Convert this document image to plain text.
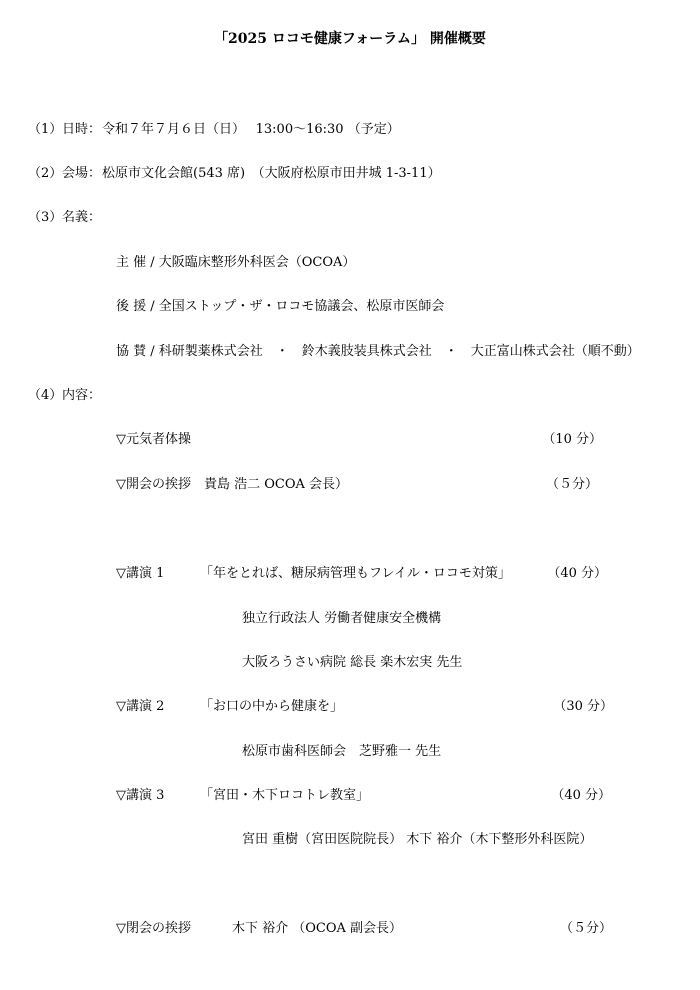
「2025 ロコモ健康フォーラム」 開催概要
（1） 日時： 令和７年７月６日（日）　 13:00～16:30 （予定）
（2） 会場： 松原市文化会館(543 席)　（大阪府松原市田井城 1-3-11）
（3） 名義：
主 催 / 大阪臨床整形外科医会（OCOA）
後 援 / 全国ストップ・ザ・ロコモ協議会、松原市医師会
協 賛 / 科研製薬株式会社　・　鈴木義肢装具株式会社　・　大正富山株式会社（順不動）
（4） 内容：
▽元気者体操	（10 分）
▽開会の挨拶　貴島 浩二 OCOA 会長）	（５分）
▽講演 1	「年をとれば、糖尿病管理もフレイル・ロコモ対策」	（40 分）
独立行政法人 労働者健康安全機構
大阪ろうさい病院 総長 楽木宏実 先生
▽講演 2	「お口の中から健康を」	（30 分）
松原市歯科医師会　芝野雅一 先生
▽講演 3	「宮田・木下ロコトレ教室」	（40 分）
宮田 重樹（宮田医院院長） 木下 裕介（木下整形外科医院）
▽閉会の挨拶	木下 裕介 （OCOA 副会長）	（５分）
